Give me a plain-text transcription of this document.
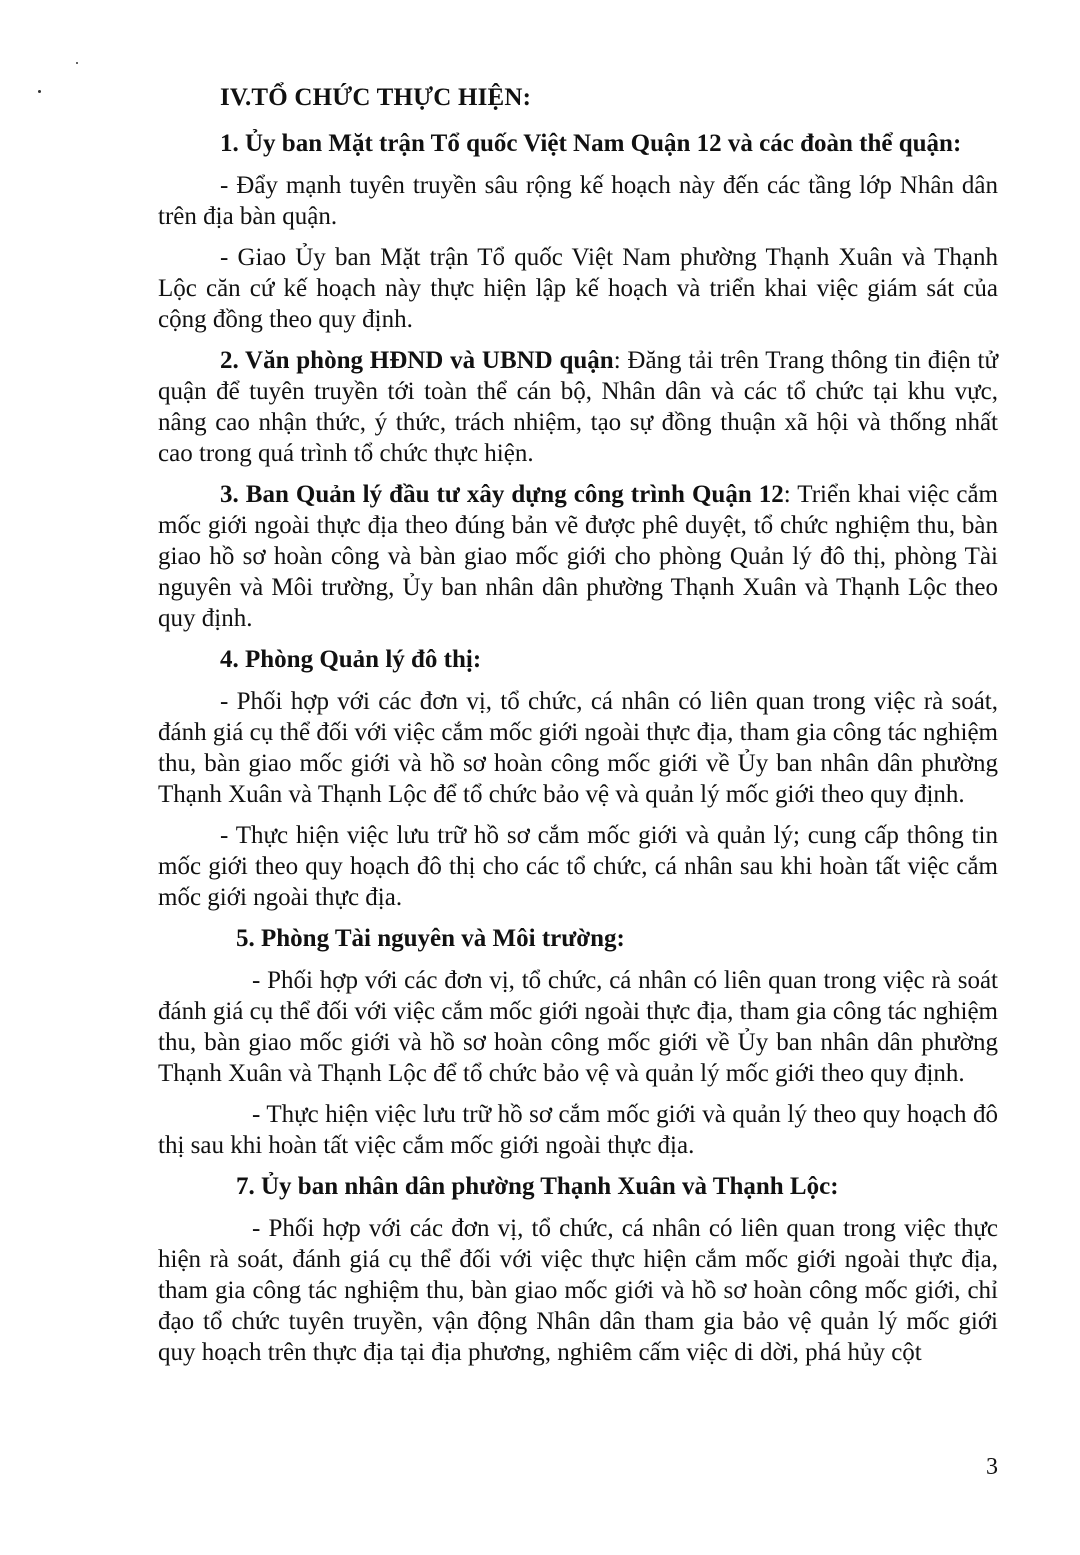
IV.TỔ CHỨC THỰC HIỆN:
1. Ủy ban Mặt trận Tổ quốc Việt Nam Quận 12 và các đoàn thể quận:

- Đẩy mạnh tuyên truyền sâu rộng kế hoạch này đến các tầng lớp Nhân dân trên địa bàn quận.

- Giao Ủy ban Mặt trận Tổ quốc Việt Nam phường Thạnh Xuân và Thạnh Lộc căn cứ kế hoạch này thực hiện lập kế hoạch và triển khai việc giám sát của cộng đồng theo quy định.

2. Văn phòng HĐND và UBND quận: Đăng tải trên Trang thông tin điện tử quận để tuyên truyền tới toàn thể cán bộ, Nhân dân và các tổ chức tại khu vực, nâng cao nhận thức, ý thức, trách nhiệm, tạo sự đồng thuận xã hội và thống nhất cao trong quá trình tổ chức thực hiện.

3. Ban Quản lý đầu tư xây dựng công trình Quận 12: Triển khai việc cắm mốc giới ngoài thực địa theo đúng bản vẽ được phê duyệt, tổ chức nghiệm thu, bàn giao hồ sơ hoàn công và bàn giao mốc giới cho phòng Quản lý đô thị, phòng Tài nguyên và Môi trường, Ủy ban nhân dân phường Thạnh Xuân và Thạnh Lộc theo quy định.

4. Phòng Quản lý đô thị:

- Phối hợp với các đơn vị, tổ chức, cá nhân có liên quan trong việc rà soát, đánh giá cụ thể đối với việc cắm mốc giới ngoài thực địa, tham gia công tác nghiệm thu, bàn giao mốc giới và hồ sơ hoàn công mốc giới về Ủy ban nhân dân phường Thạnh Xuân và Thạnh Lộc để tổ chức bảo vệ và quản lý mốc giới theo quy định.

- Thực hiện việc lưu trữ hồ sơ cắm mốc giới và quản lý; cung cấp thông tin mốc giới theo quy hoạch đô thị cho các tổ chức, cá nhân sau khi hoàn tất việc cắm mốc giới ngoài thực địa.

5. Phòng Tài nguyên và Môi trường:

- Phối hợp với các đơn vị, tổ chức, cá nhân có liên quan trong việc rà soát đánh giá cụ thể đối với việc cắm mốc giới ngoài thực địa, tham gia công tác nghiệm thu, bàn giao mốc giới và hồ sơ hoàn công mốc giới về Ủy ban nhân dân phường Thạnh Xuân và Thạnh Lộc để tổ chức bảo vệ và quản lý mốc giới theo quy định.

- Thực hiện việc lưu trữ hồ sơ cắm mốc giới và quản lý theo quy hoạch đô thị sau khi hoàn tất việc cắm mốc giới ngoài thực địa.

7. Ủy ban nhân dân phường Thạnh Xuân và Thạnh Lộc:

- Phối hợp với các đơn vị, tổ chức, cá nhân có liên quan trong việc thực hiện rà soát, đánh giá cụ thể đối với việc thực hiện cắm mốc giới ngoài thực địa, tham gia công tác nghiệm thu, bàn giao mốc giới và hồ sơ hoàn công mốc giới, chỉ đạo tổ chức tuyên truyền, vận động Nhân dân tham gia bảo vệ quản lý mốc giới quy hoạch trên thực địa tại địa phương, nghiêm cấm việc di dời, phá hủy cột

3
